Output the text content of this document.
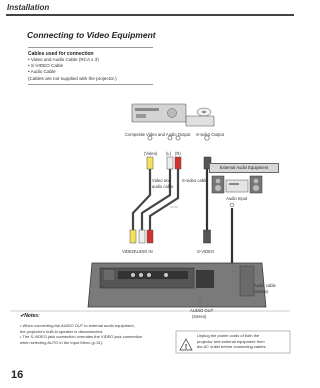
Installation
Connecting to Video Equipment
Cables used for connection
• Video and Audio Cable (RCA x 3)
• S-VIDEO Cable
• Audio Cable
(Cables are not supplied with the projector.)
!
Composite Video and Audio Output S-video Output
(Video) (L) (R)
Video and
audio cable
S-video cable
External Audio Equipment
Audio Input
VIDEO
AUDIO IN	S-VIDEO
Audio cable
(stereo)
AUDIO OUT
(stereo)
✔Notes:
• When connecting the AUDIO OUT to external audio equipment,
the projector's built-in speaker is disconnected.
• The S-VIDEO jack connection overrides the VIDEO jack connection
when selecting AUTO in the Input Menu (p.31).
Unplug the power cords of both the
projector and external equipment from
the AC outlet before connecting cables.
16
